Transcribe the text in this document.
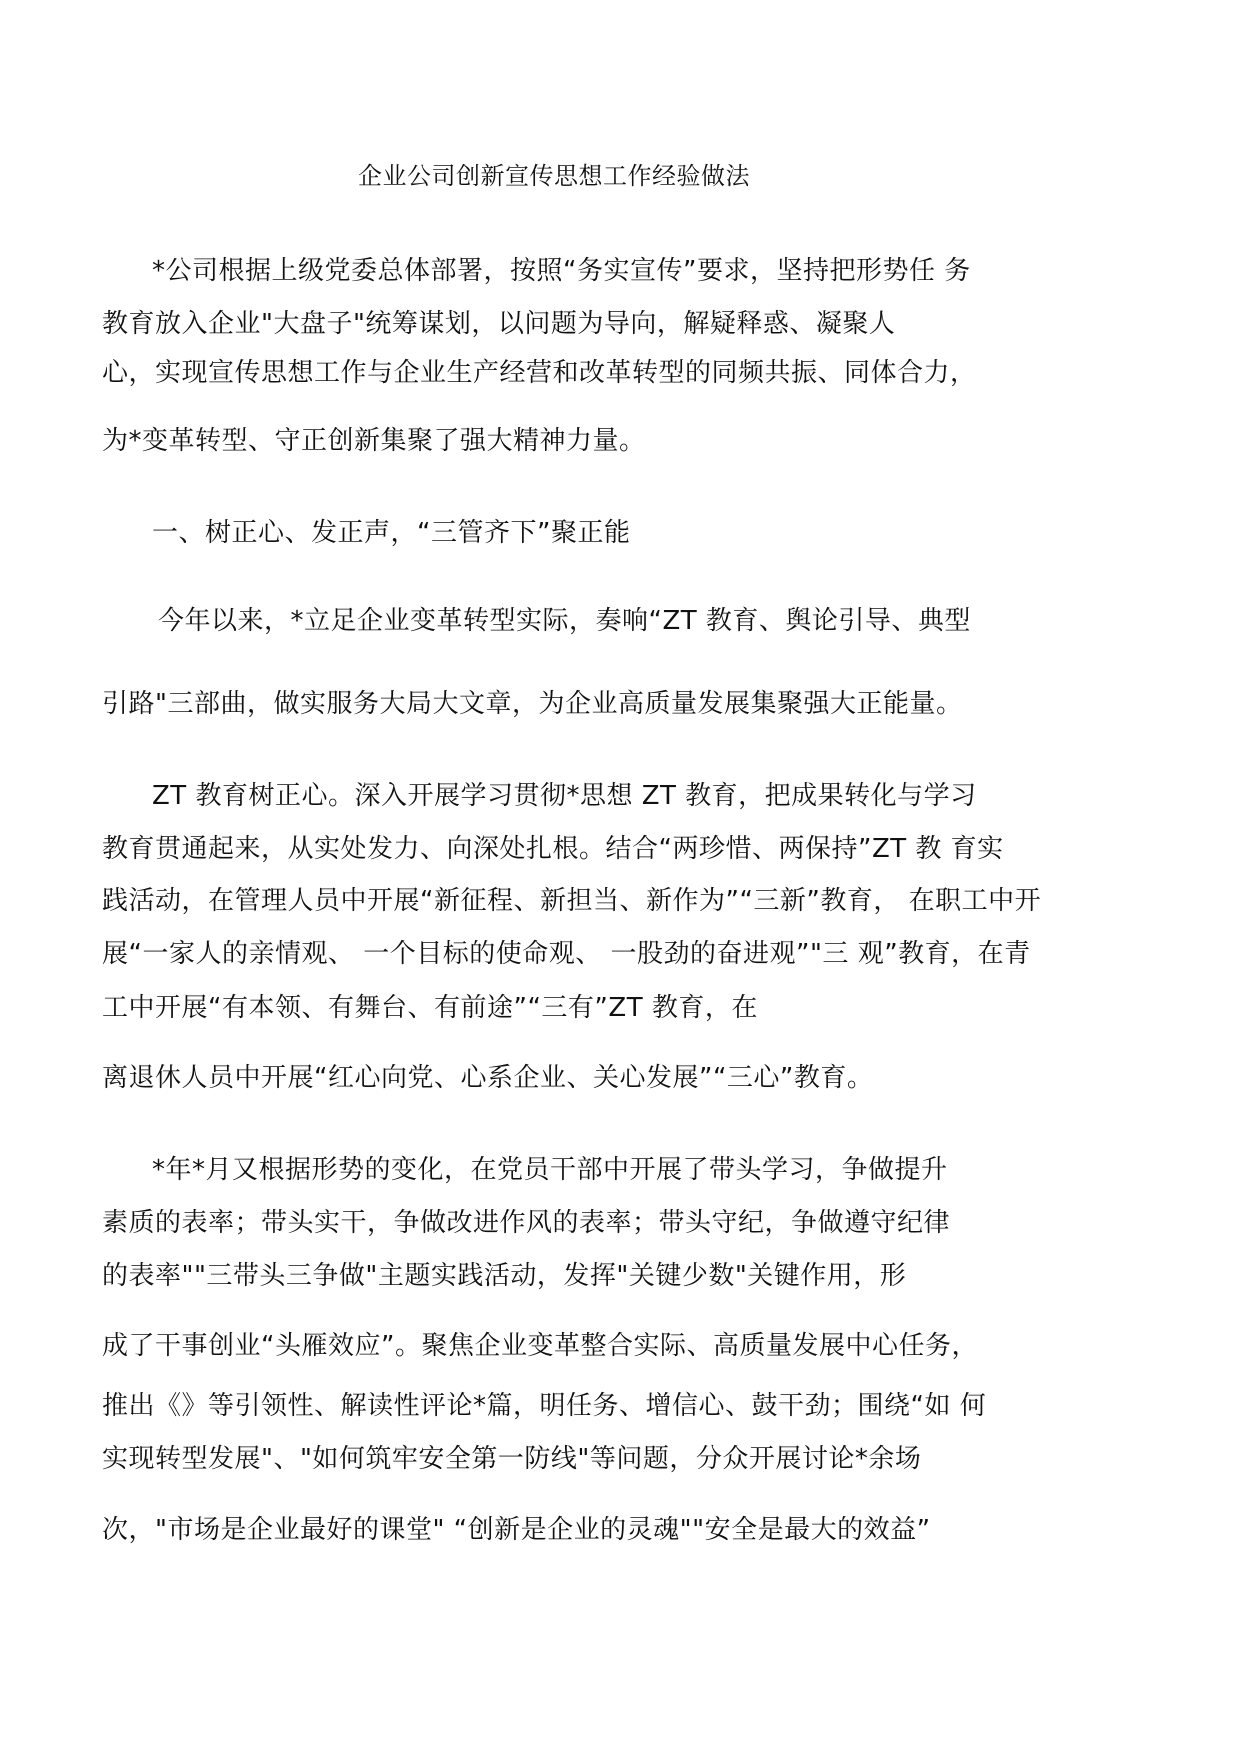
企业公司创新宣传思想工作经验做法
*公司根据上级党委总体部署，按照“务实宣传”要求，坚持把形势任 务
教育放入企业"大盘子"统筹谋划，以问题为导向，解疑释惑、凝聚人
心，实现宣传思想工作与企业生产经营和改革转型的同频共振、同体合力，
为*变革转型、守正创新集聚了强大精神力量。
一、树正心、发正声，“三管齐下”聚正能
今年以来，*立足企业变革转型实际，奏响“ZT 教育、舆论引导、典型
引路"三部曲，做实服务大局大文章，为企业高质量发展集聚强大正能量。
ZT 教育树正心。深入开展学习贯彻*思想 ZT 教育，把成果转化与学习
教育贯通起来，从实处发力、向深处扎根。结合“两珍惜、两保持”ZT 教 育实
践活动，在管理人员中开展“新征程、新担当、新作为”“三新”教育， 在职工中开
展“一家人的亲情观、 一个目标的使命观、 一股劲的奋进观”"三 观”教育，在青
工中开展“有本领、有舞台、有前途”“三有”ZT 教育，在
离退休人员中开展“红心向党、心系企业、关心发展”“三心”教育。
*年*月又根据形势的变化，在党员干部中开展了带头学习，争做提升
素质的表率；带头实干，争做改进作风的表率；带头守纪，争做遵守纪律
的表率""三带头三争做"主题实践活动，发挥"关键少数"关键作用，形
成了干事创业“头雁效应”。聚焦企业变革整合实际、高质量发展中心任务，
推出《》等引领性、解读性评论*篇，明任务、增信心、鼓干劲；围绕“如 何
实现转型发展"、"如何筑牢安全第一防线"等问题，分众开展讨论*余场
次，"市场是企业最好的课堂" “创新是企业的灵魂""安全是最大的效益”
